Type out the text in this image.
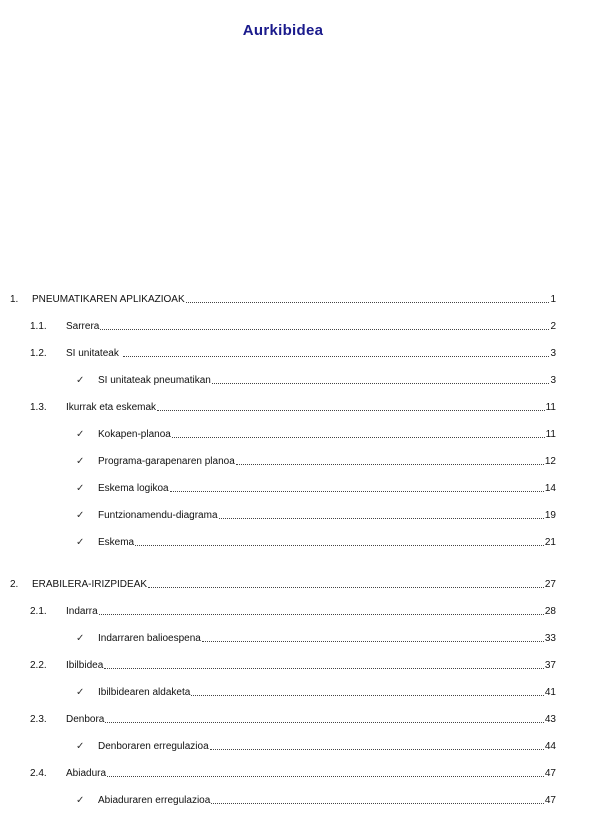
Aurkibidea
1.	PNEUMATIKAREN APLIKAZIOAK	1
1.1.	Sarrera	2
1.2.	SI unitateak	3
✓	SI unitateak pneumatikan	3
1.3.	Ikurrak eta eskemak	11
✓	Kokapen-planoa	11
✓	Programa-garapenaren planoa	12
✓	Eskema logikoa	14
✓	Funtzionamendu-diagrama	19
✓	Eskema	21
2.	ERABILERA-IRIZPIDEAK	27
2.1.	Indarra	28
✓	Indarraren balioespena	33
2.2.	Ibilbidea	37
✓	Ibilbidearen aldaketa	41
2.3.	Denbora	43
✓	Denboraren erregulazioa	44
2.4.	Abiadura	47
✓	Abiaduraren erregulazioa	47
